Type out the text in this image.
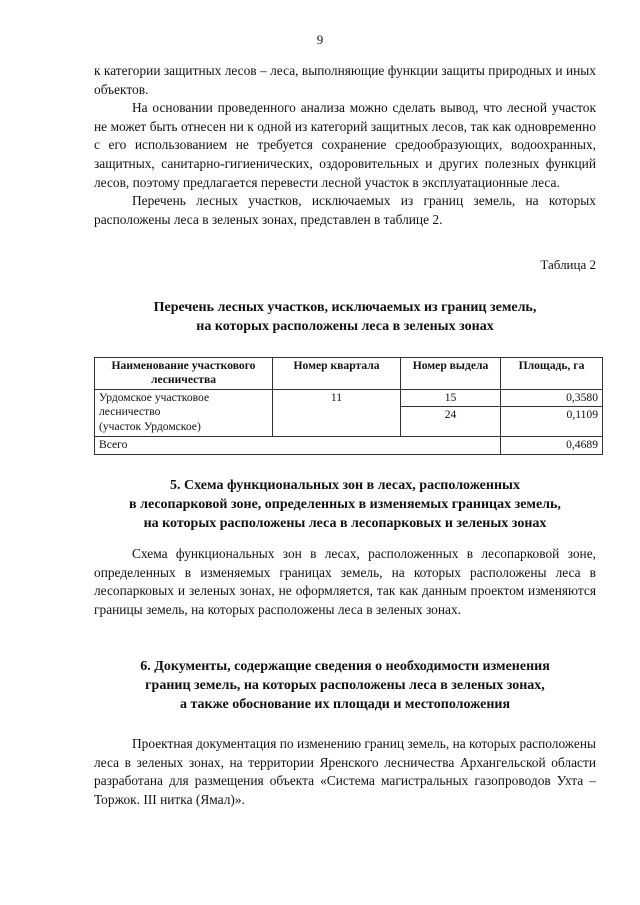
9

к категории защитных лесов – леса, выполняющие функции защиты природных и иных объектов.

На основании проведенного анализа можно сделать вывод, что лесной участок не может быть отнесен ни к одной из категорий защитных лесов, так как одновременно с его использованием не требуется сохранение средообразующих, водоохранных, защитных, санитарно-гигиенических, оздоровительных и других полезных функций лесов, поэтому предлагается перевести лесной участок в эксплуатационные леса.

Перечень лесных участков, исключаемых из границ земель, на которых расположены леса в зеленых зонах, представлен в таблице 2.

Таблица 2
Перечень лесных участков, исключаемых из границ земель,
на которых расположены леса в зеленых зонах
Наименование участкового лесничества	Номер квартала	Номер выдела	Площадь, га

Урдомское участковое
лесничество
(участок Урдомское)	11	15	0,3580
		24	0,1109
Всего			0,4689
5. Схема функциональных зон в лесах, расположенных
в лесопарковой зоне, определенных в изменяемых границах земель,
на которых расположены леса в лесопарковых и зеленых зонах

Схема функциональных зон в лесах, расположенных в лесопарковой зоне, определенных в изменяемых границах земель, на которых расположены леса в лесопарковых и зеленых зонах, не оформляется, так как данным проектом изменяются границы земель, на которых расположены леса в зеленых зонах.

6. Документы, содержащие сведения о необходимости изменения
границ земель, на которых расположены леса в зеленых зонах,
а также обоснование их площади и местоположения

Проектная документация по изменению границ земель, на которых расположены леса в зеленых зонах, на территории Яренского лесничества Архангельской области разработана для размещения объекта «Система магистральных газопроводов Ухта – Торжок. III нитка (Ямал)».
